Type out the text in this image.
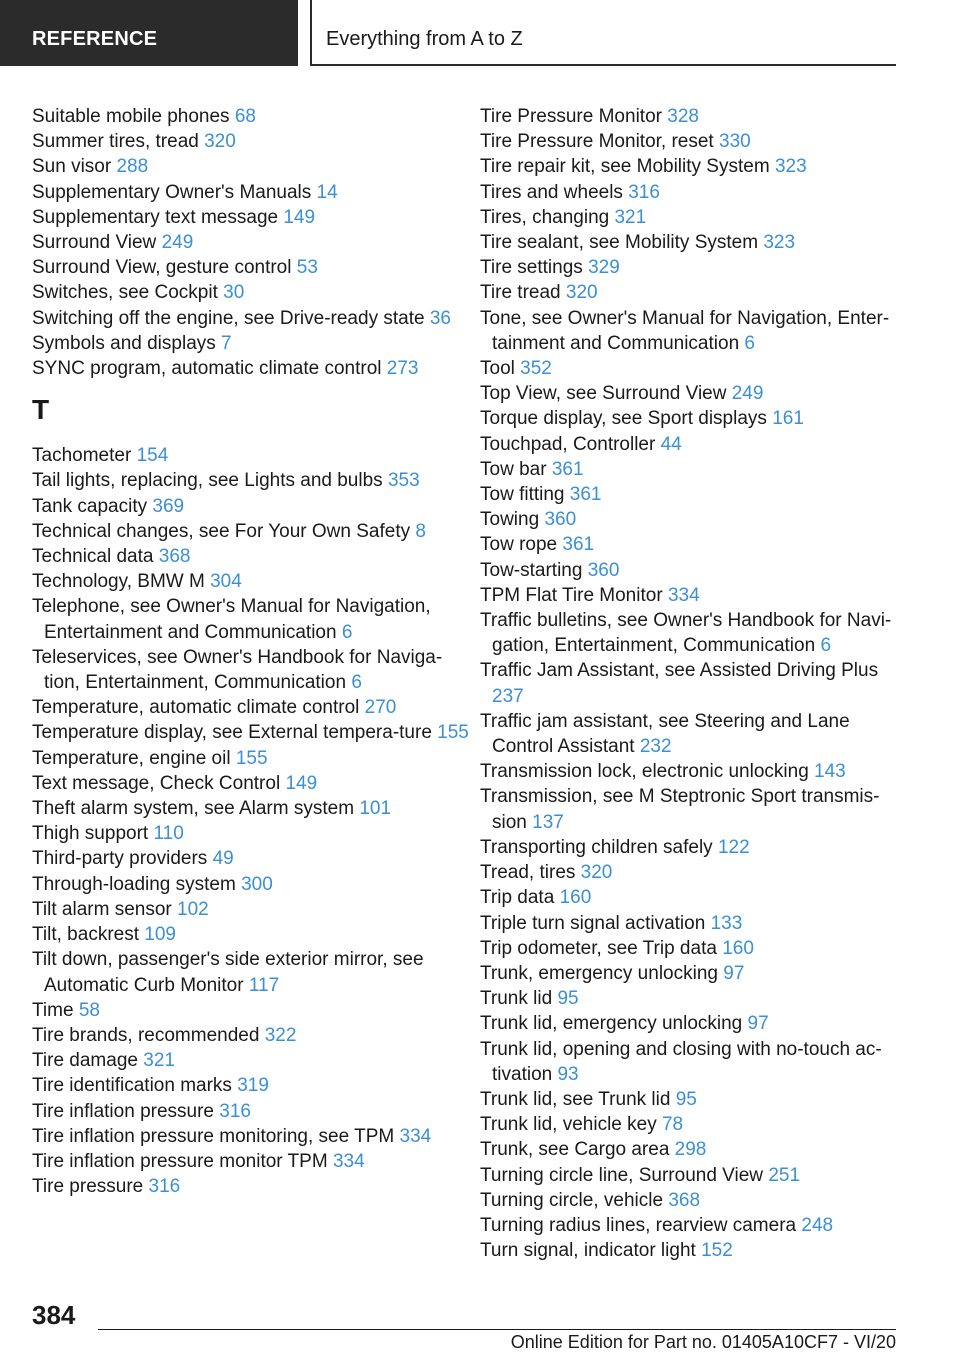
REFERENCE	Everything from A to Z
Suitable mobile phones 68
Summer tires, tread 320
Sun visor 288
Supplementary Owner's Manuals 14
Supplementary text message 149
Surround View 249
Surround View, gesture control 53
Switches, see Cockpit 30
Switching off the engine, see Drive-ready state 36
Symbols and displays 7
SYNC program, automatic climate control 273
T
Tachometer 154
Tail lights, replacing, see Lights and bulbs 353
Tank capacity 369
Technical changes, see For Your Own Safety 8
Technical data 368
Technology, BMW M 304
Telephone, see Owner's Manual for Navigation, Entertainment and Communication 6
Teleservices, see Owner's Handbook for Naviga-tion, Entertainment, Communication 6
Temperature, automatic climate control 270
Temperature display, see External tempera-ture 155
Temperature, engine oil 155
Text message, Check Control 149
Theft alarm system, see Alarm system 101
Thigh support 110
Third-party providers 49
Through-loading system 300
Tilt alarm sensor 102
Tilt, backrest 109
Tilt down, passenger's side exterior mirror, see Automatic Curb Monitor 117
Time 58
Tire brands, recommended 322
Tire damage 321
Tire identification marks 319
Tire inflation pressure 316
Tire inflation pressure monitoring, see TPM 334
Tire inflation pressure monitor TPM 334
Tire pressure 316
Tire Pressure Monitor 328
Tire Pressure Monitor, reset 330
Tire repair kit, see Mobility System 323
Tires and wheels 316
Tires, changing 321
Tire sealant, see Mobility System 323
Tire settings 329
Tire tread 320
Tone, see Owner's Manual for Navigation, Enter-tainment and Communication 6
Tool 352
Top View, see Surround View 249
Torque display, see Sport displays 161
Touchpad, Controller 44
Tow bar 361
Tow fitting 361
Towing 360
Tow rope 361
Tow-starting 360
TPM Flat Tire Monitor 334
Traffic bulletins, see Owner's Handbook for Navi-gation, Entertainment, Communication 6
Traffic Jam Assistant, see Assisted Driving Plus 237
Traffic jam assistant, see Steering and Lane Control Assistant 232
Transmission lock, electronic unlocking 143
Transmission, see M Steptronic Sport transmis-sion 137
Transporting children safely 122
Tread, tires 320
Trip data 160
Triple turn signal activation 133
Trip odometer, see Trip data 160
Trunk, emergency unlocking 97
Trunk lid 95
Trunk lid, emergency unlocking 97
Trunk lid, opening and closing with no-touch ac-tivation 93
Trunk lid, see Trunk lid 95
Trunk lid, vehicle key 78
Trunk, see Cargo area 298
Turning circle line, Surround View 251
Turning circle, vehicle 368
Turning radius lines, rearview camera 248
Turn signal, indicator light 152
384
Online Edition for Part no. 01405A10CF7 - VI/20
